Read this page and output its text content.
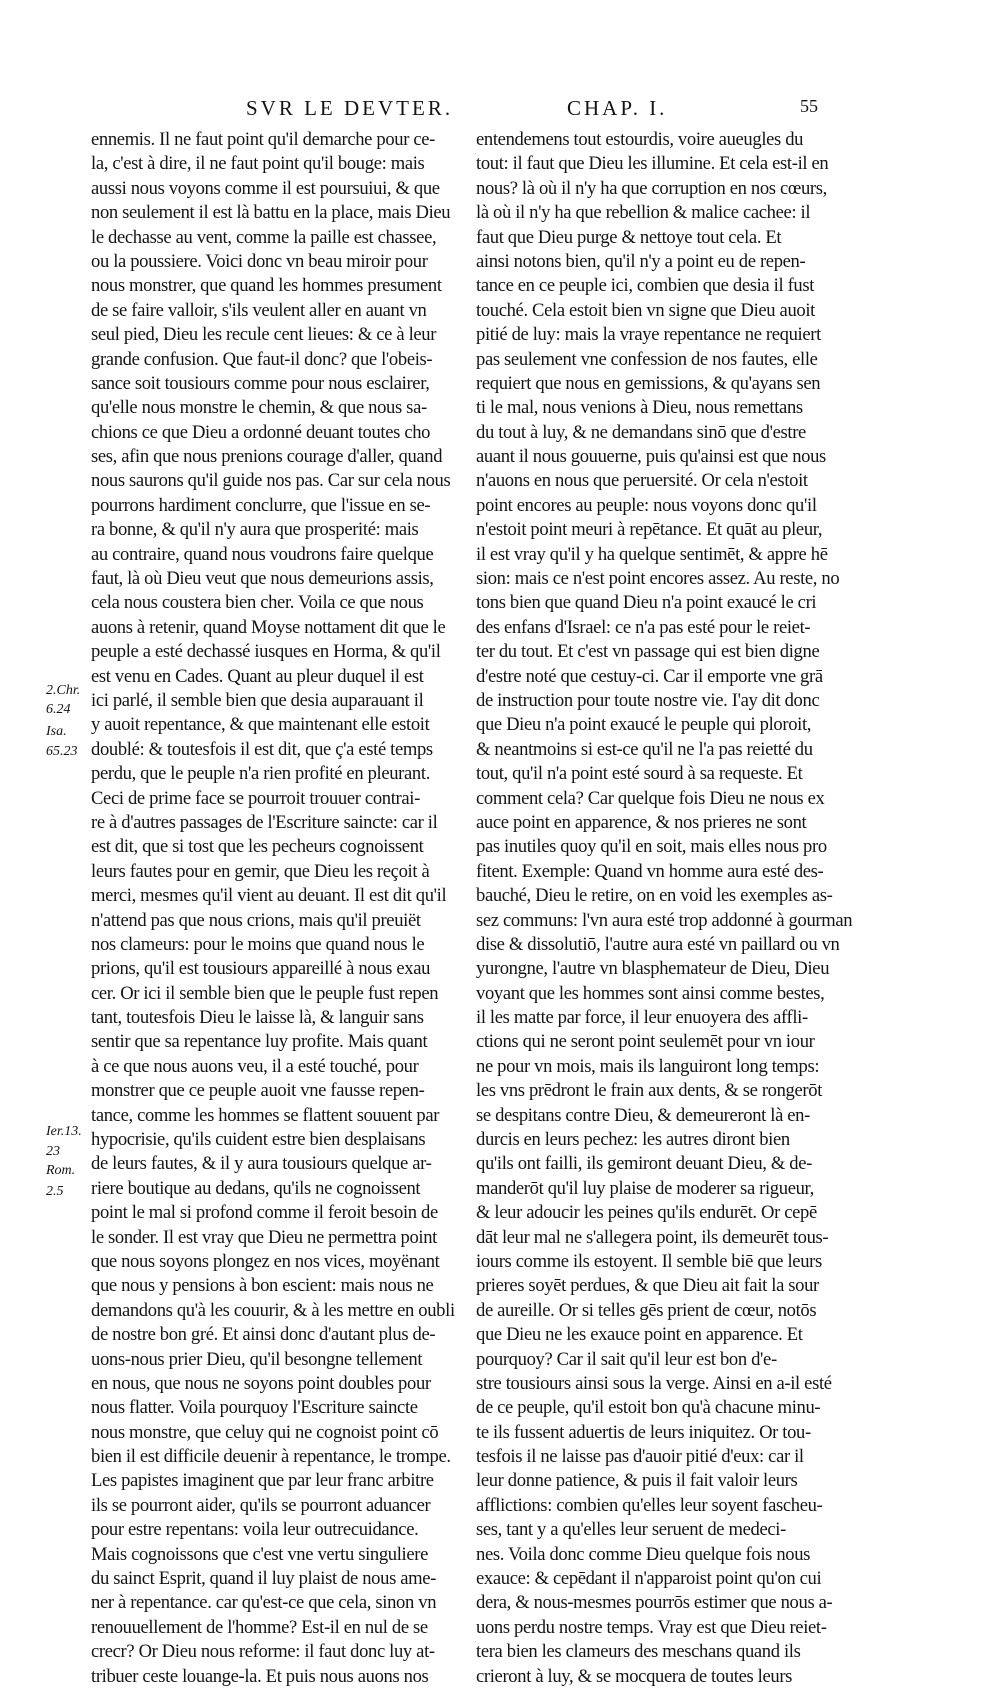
SVR LE DEVTER.	CHAP. I.	55
2.Chr.
6.24
Isa.
65.23
Ier.13.
23
Rom.
2.5
ennemis. Il ne faut point qu'il demarche pour ce-
la, c'est à dire, il ne faut point qu'il bouge: mais
aussi nous voyons comme il est poursuiui, & que
non seulement il est là battu en la place, mais Dieu
le dechasse au vent, comme la paille est chassee,
ou la poussiere. Voici donc vn beau miroir pour
nous monstrer, que quand les hommes presument
de se faire valloir, s'ils veulent aller en auant vn
seul pied, Dieu les recule cent lieues: & ce à leur
grande confusion. Que faut-il donc? que l'obeis-
sance soit tousiours comme pour nous esclairer,
qu'elle nous monstre le chemin, & que nous sa-
chions ce que Dieu a ordonné deuant toutes cho
ses, afin que nous prenions courage d'aller, quand
nous saurons qu'il guide nos pas. Car sur cela nous
pourrons hardiment conclurre, que l'issue en se-
ra bonne, & qu'il n'y aura que prosperité: mais
au contraire, quand nous voudrons faire quelque
faut, là où Dieu veut que nous demeurions assis,
cela nous coustera bien cher. Voila ce que nous
auons à retenir, quand Moyse nottament dit que le
peuple a esté dechassé iusques en Horma, & qu'il
est venu en Cades. Quant au pleur duquel il est
ici parlé, il semble bien que desia auparauant il
y auoit repentance, & que maintenant elle estoit
doublé: & toutesfois il est dit, que ç'a esté temps
perdu, que le peuple n'a rien profité en pleurant.
Ceci de prime face se pourroit trouuer contrai-
re à d'autres passages de l'Escriture saincte: car il
est dit, que si tost que les pecheurs cognoissent
leurs fautes pour en gemir, que Dieu les reçoit à
merci, mesmes qu'il vient au deuant. Il est dit qu'il
n'attend pas que nous crions, mais qu'il preuiët
nos clameurs: pour le moins que quand nous le
prions, qu'il est tousiours appareillé à nous exau
cer. Or ici il semble bien que le peuple fust repen
tant, toutesfois Dieu le laisse là, & languir sans
sentir que sa repentance luy profite. Mais quant
à ce que nous auons veu, il a esté touché, pour
monstrer que ce peuple auoit vne fausse repen-
tance, comme les hommes se flattent souuent par
hypocrisie, qu'ils cuident estre bien desplaisans
de leurs fautes, & il y aura tousiours quelque ar-
riere boutique au dedans, qu'ils ne cognoissent
point le mal si profond comme il feroit besoin de
le sonder. Il est vray que Dieu ne permettra point
que nous soyons plongez en nos vices, moyënant
que nous y pensions à bon escient: mais nous ne
demandons qu'à les couurir, & à les mettre en oubli
de nostre bon gré. Et ainsi donc d'autant plus de-
uons-nous prier Dieu, qu'il besongne tellement
en nous, que nous ne soyons point doubles pour
nous flatter. Voila pourquoy l'Escriture saincte
nous monstre, que celuy qui ne cognoist point cō
bien il est difficile deuenir à repentance, le trompe.
Les papistes imaginent que par leur franc arbitre
ils se pourront aider, qu'ils se pourront aduancer
pour estre repentans: voila leur outrecuidance.
Mais cognoissons que c'est vne vertu singuliere
du sainct Esprit, quand il luy plaist de nous ame-
ner à repentance. car qu'est-ce que cela, sinon vn
renouuellement de l'homme? Est-il en nul de se
crecr? Or Dieu nous reforme: il faut donc luy at-
tribuer ceste louange-la. Et puis nous auons nos
entendemens tout estourdis, voire aueugles du
tout: il faut que Dieu les illumine. Et cela est-il en
nous? là où il n'y ha que corruption en nos cœurs,
là où il n'y ha que rebellion & malice cachee: il
faut que Dieu purge & nettoye tout cela. Et
ainsi notons bien, qu'il n'y a point eu de repen-
tance en ce peuple ici, combien que desia il fust
touché. Cela estoit bien vn signe que Dieu auoit
pitié de luy: mais la vraye repentance ne requiert
pas seulement vne confession de nos fautes, elle
requiert que nous en gemissions, & qu'ayans sen
ti le mal, nous venions à Dieu, nous remettans
du tout à luy, & ne demandans sinō que d'estre
auant il nous gouuerne, puis qu'ainsi est que nous
n'auons en nous que peruersité. Or cela n'estoit
point encores au peuple: nous voyons donc qu'il
n'estoit point meuri à repētance. Et quāt au pleur,
il est vray qu'il y ha quelque sentimēt, & appre hē
sion: mais ce n'est point encores assez. Au reste, no
tons bien que quand Dieu n'a point exaucé le cri
des enfans d'Israel: ce n'a pas esté pour le reiet-
ter du tout. Et c'est vn passage qui est bien digne
d'estre noté que cestuy-ci. Car il emporte vne grā
de instruction pour toute nostre vie. I'ay dit donc
que Dieu n'a point exaucé le peuple qui ploroit,
& neantmoins si est-ce qu'il ne l'a pas reietté du
tout, qu'il n'a point esté sourd à sa requeste. Et
comment cela? Car quelque fois Dieu ne nous ex
auce point en apparence, & nos prieres ne sont
pas inutiles quoy qu'il en soit, mais elles nous pro
fitent. Exemple: Quand vn homme aura esté des-
bauché, Dieu le retire, on en void les exemples as-
sez communs: l'vn aura esté trop addonné à gourman
dise & dissolutiō, l'autre aura esté vn paillard ou vn
yurongne, l'autre vn blasphemateur de Dieu, Dieu
voyant que les hommes sont ainsi comme bestes,
il les matte par force, il leur enuoyera des affli-
ctions qui ne seront point seulemēt pour vn iour
ne pour vn mois, mais ils languiront long temps:
les vns prēdront le frain aux dents, & se rongerōt
se despitans contre Dieu, & demeureront là en-
durcis en leurs pechez: les autres diront bien
qu'ils ont failli, ils gemiront deuant Dieu, & de-
manderōt qu'il luy plaise de moderer sa rigueur,
& leur adoucir les peines qu'ils endurēt. Or cepē
dāt leur mal ne s'allegera point, ils demeurēt tous-
iours comme ils estoyent. Il semble biē que leurs
prieres soyēt perdues, & que Dieu ait fait la sour
de aureille. Or si telles gēs prient de cœur, notōs
que Dieu ne les exauce point en apparence. Et
pourquoy? Car il sait qu'il leur est bon d'e-
stre tousiours ainsi sous la verge. Ainsi en a-il esté
de ce peuple, qu'il estoit bon qu'à chacune minu-
te ils fussent aduertis de leurs iniquitez. Or tou-
tesfois il ne laisse pas d'auoir pitié d'eux: car il
leur donne patience, & puis il fait valoir leurs
afflictions: combien qu'elles leur soyent fascheu-
ses, tant y a qu'elles leur seruent de medeci-
nes. Voila donc comme Dieu quelque fois nous
exauce: & cepēdant il n'apparoist point qu'on cui
dera, & nous-mesmes pourrōs estimer que nous a-
uons perdu nostre temps. Vray est que Dieu reiet-
tera bien les clameurs des meschans quand ils
crieront à luy, & se mocquera de toutes leurs
